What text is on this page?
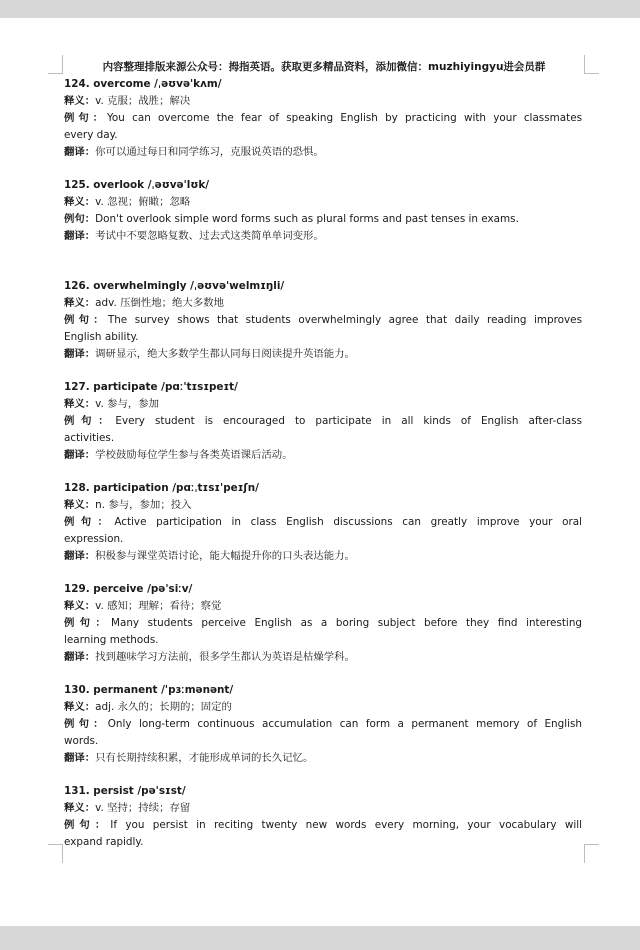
内容整理排版来源公众号：拇指英语。获取更多精品资料，添加微信：muzhiyingyu进会员群
124. overcome /ˌəʊvə'kʌm/
释义：v. 克服；战胜；解决
例句：You can overcome the fear of speaking English by practicing with your classmates
every day.
翻译：你可以通过每日和同学练习，克服说英语的恐惧。
125. overlook /ˌəʊvə'lʊk/
释义：v. 忽视；俯瞰；忽略
例句：Don't overlook simple word forms such as plural forms and past tenses in exams.
翻译：考试中不要忽略复数、过去式这类简单单词变形。
126. overwhelmingly /ˌəʊvə'welmɪŋli/
释义：adv. 压倒性地；绝大多数地
例句：The survey shows that students overwhelmingly agree that daily reading improves
English ability.
翻译：调研显示，绝大多数学生都认同每日阅读提升英语能力。
127. participate /pɑː'tɪsɪpeɪt/
释义：v. 参与，参加
例句：Every student is encouraged to participate in all kinds of English after-class
activities.
翻译：学校鼓励每位学生参与各类英语课后活动。
128. participation /pɑːˌtɪsɪ'peɪʃn/
释义：n. 参与，参加；投入
例句：Active participation in class English discussions can greatly improve your oral
expression.
翻译：积极参与课堂英语讨论，能大幅提升你的口头表达能力。
129. perceive /pə'siːv/
释义：v. 感知；理解；看待；察觉
例句：Many students perceive English as a boring subject before they find interesting
learning methods.
翻译：找到趣味学习方法前，很多学生都认为英语是枯燥学科。
130. permanent /'pɜːmənənt/
释义：adj. 永久的；长期的；固定的
例句：Only long-term continuous accumulation can form a permanent memory of English
words.
翻译：只有长期持续积累，才能形成单词的长久记忆。
131. persist /pə'sɪst/
释义：v. 坚持；持续；存留
例句：If you persist in reciting twenty new words every morning, your vocabulary will
expand rapidly.
